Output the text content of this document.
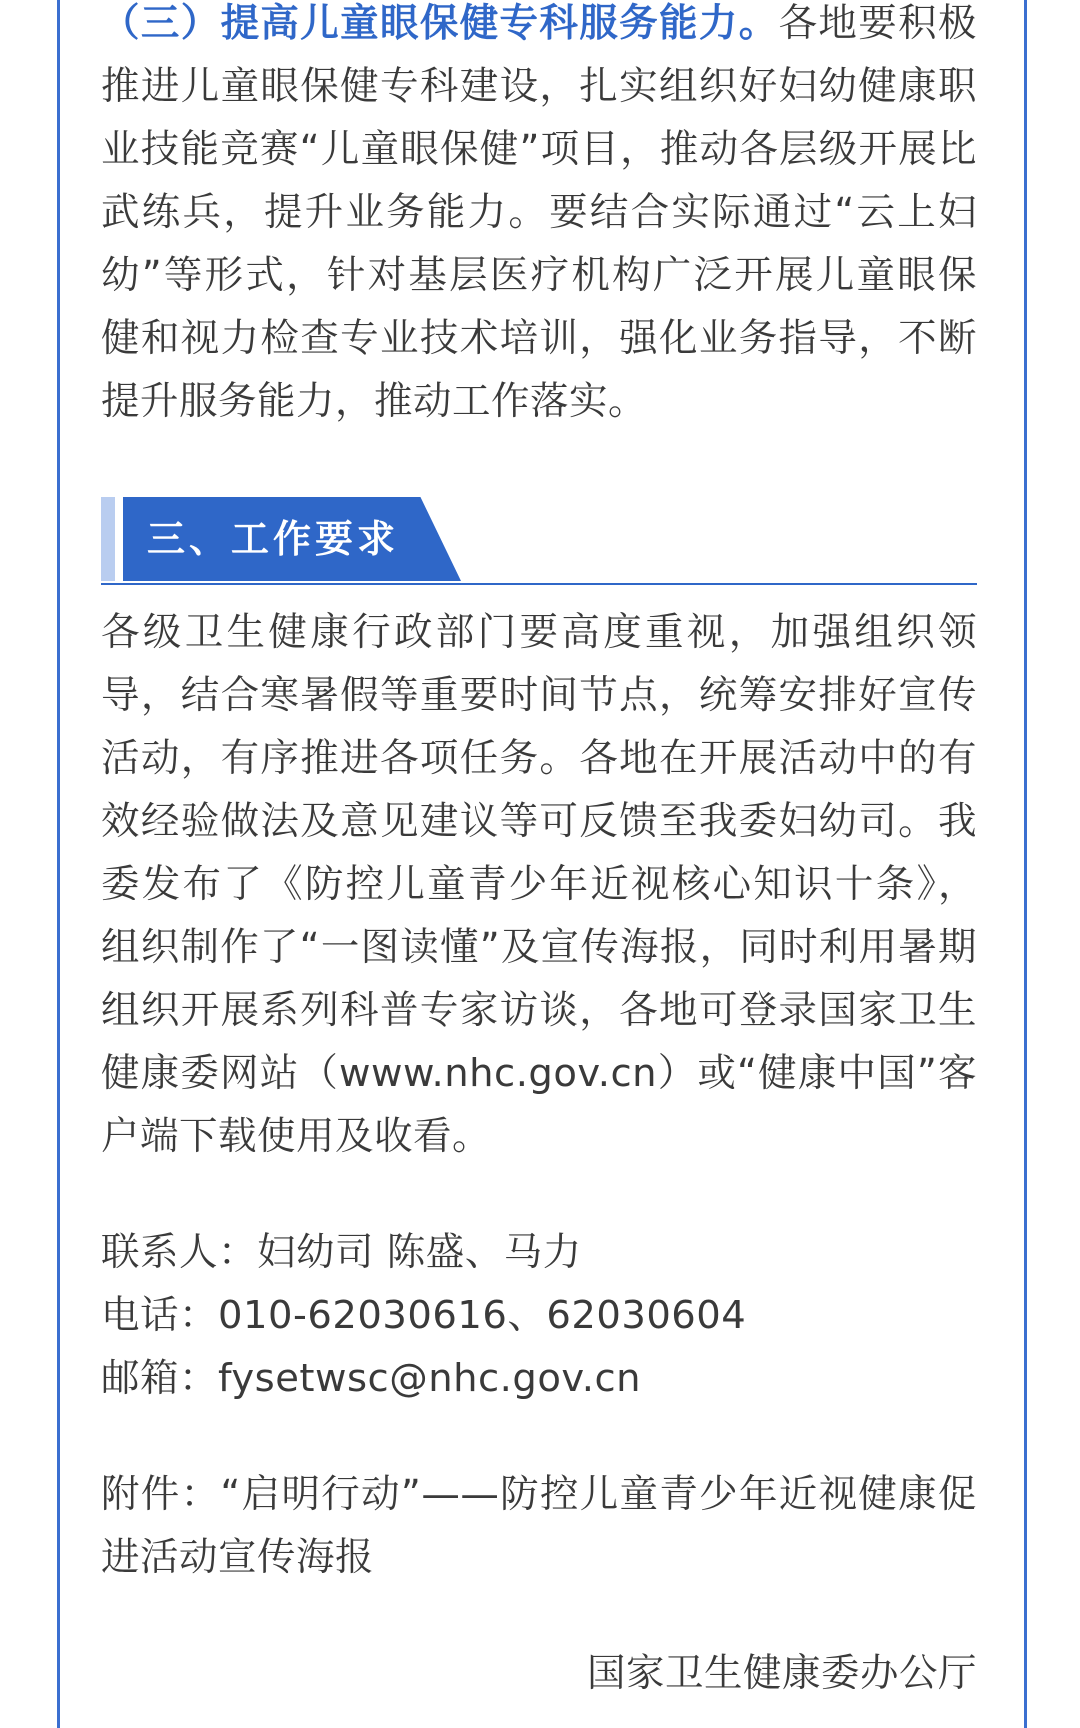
（三）提高儿童眼保健专科服务能力。各地要积极推进儿童眼保健专科建设，扎实组织好妇幼健康职业技能竞赛“儿童眼保健”项目，推动各层级开展比武练兵，提升业务能力。要结合实际通过“云上妇幼”等形式，针对基层医疗机构广泛开展儿童眼保健和视力检查专业技术培训，强化业务指导，不断提升服务能力，推动工作落实。

三、工作要求

各级卫生健康行政部门要高度重视，加强组织领导，结合寒暑假等重要时间节点，统筹安排好宣传活动，有序推进各项任务。各地在开展活动中的有效经验做法及意见建议等可反馈至我委妇幼司。我委发布了《防控儿童青少年近视核心知识十条》，组织制作了“一图读懂”及宣传海报，同时利用暑期组织开展系列科普专家访谈，各地可登录国家卫生健康委网站（www.nhc.gov.cn）或“健康中国”客户端下载使用及收看。

联系人：妇幼司 陈盛、马力

电话：010-62030616、62030604

邮箱：fysetwsc@nhc.gov.cn

附件：“启明行动”——防控儿童青少年近视健康促进活动宣传海报

国家卫生健康委办公厅
